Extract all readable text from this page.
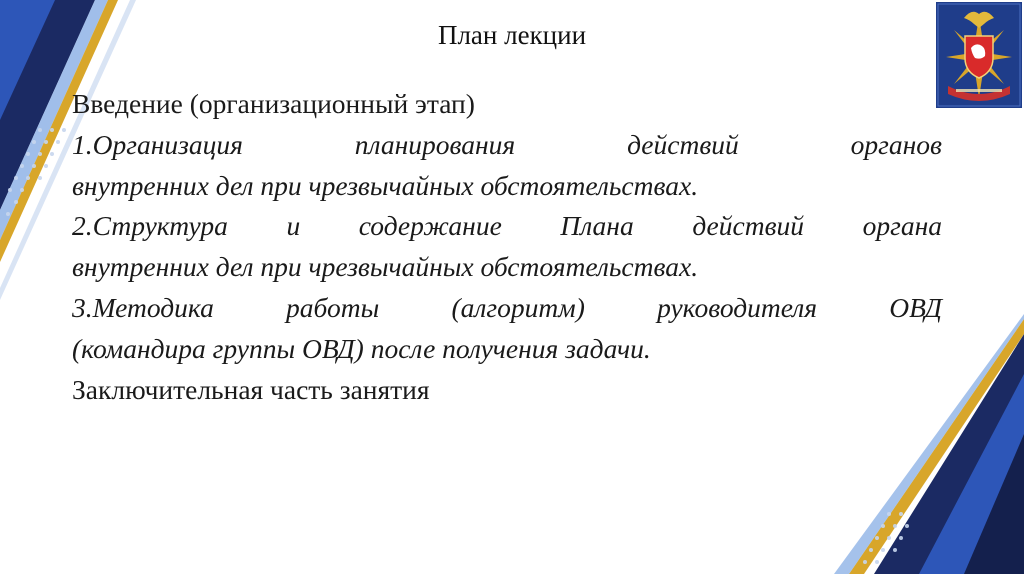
План лекции

Введение (организационный этап)

1.Организация	планирования	действий	органов

внутренних дел при чрезвычайных обстоятельствах.

2.Структура и содержание Плана действий органа

внутренних дел при чрезвычайных обстоятельствах.

3.Методика	работы	(алгоритм)	руководителя	ОВД

(командира группы ОВД) после получения задачи.

Заключительная часть занятия
